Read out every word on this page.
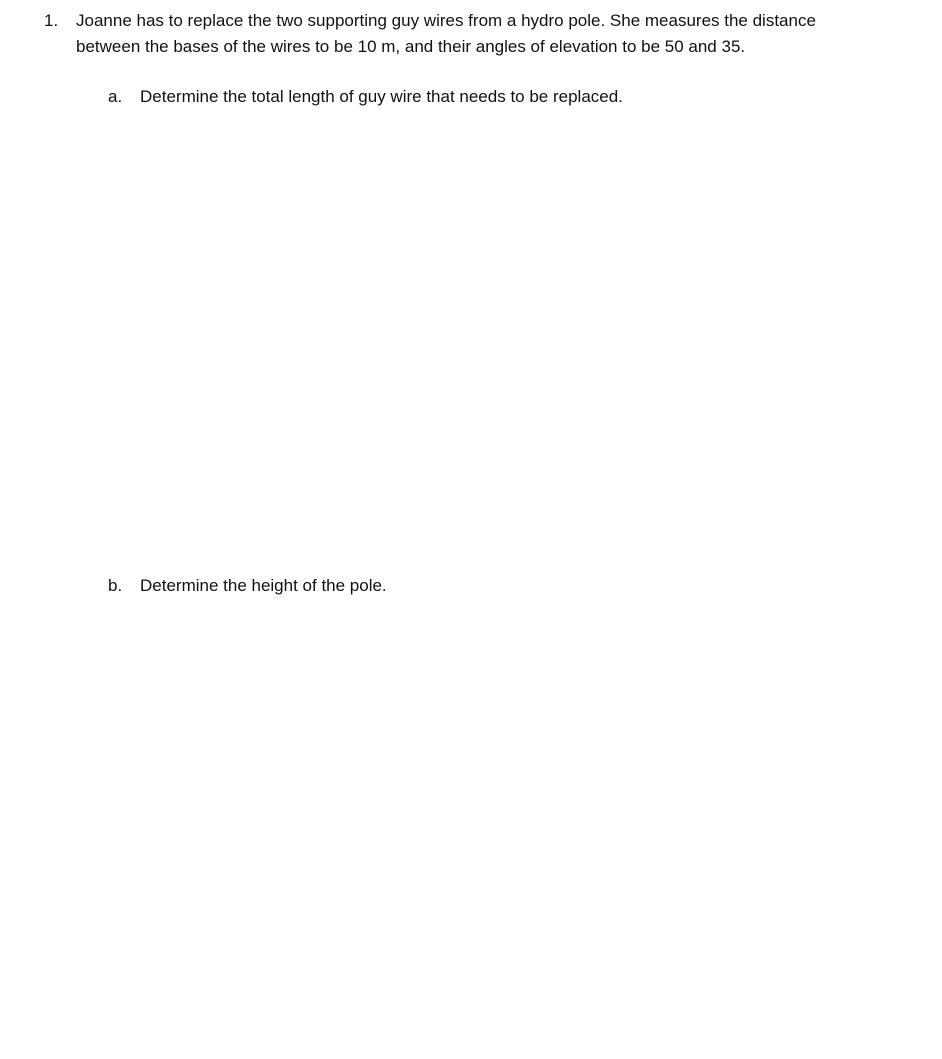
1. Joanne has to replace the two supporting guy wires from a hydro pole. She measures the distance between the bases of the wires to be 10 m, and their angles of elevation to be 50 and 35.
a. Determine the total length of guy wire that needs to be replaced.
b. Determine the height of the pole.
